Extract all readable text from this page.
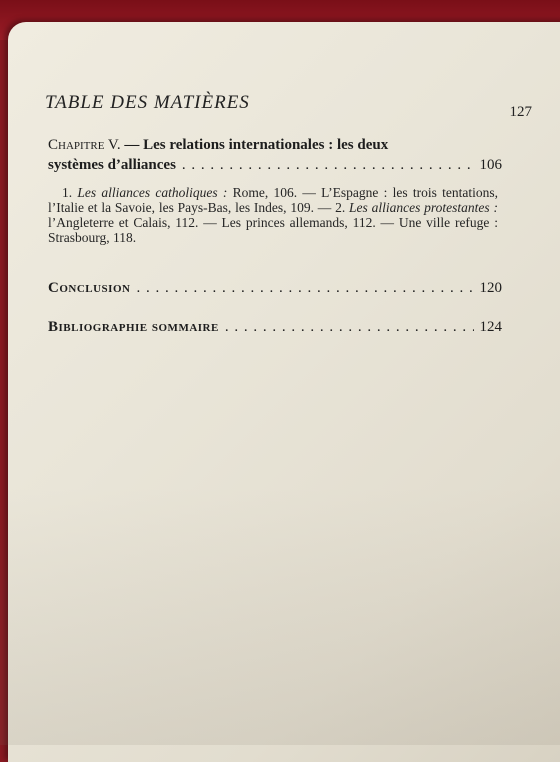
TABLE DES MATIÈRES	127
Chapitre V. — Les relations internationales : les deux
systèmes d’alliances . . .	106

1. Les alliances catholiques : Rome, 106. — L’Espagne : les trois tentations, l’Italie et la Savoie, les Pays-Bas, les Indes, 109. — 2. Les alliances protestantes : l’Angleterre et Calais, 112. — Les princes allemands, 112. — Une ville refuge : Strasbourg, 118.

Conclusion . . .	120
Bibliographie sommaire . . .	124
